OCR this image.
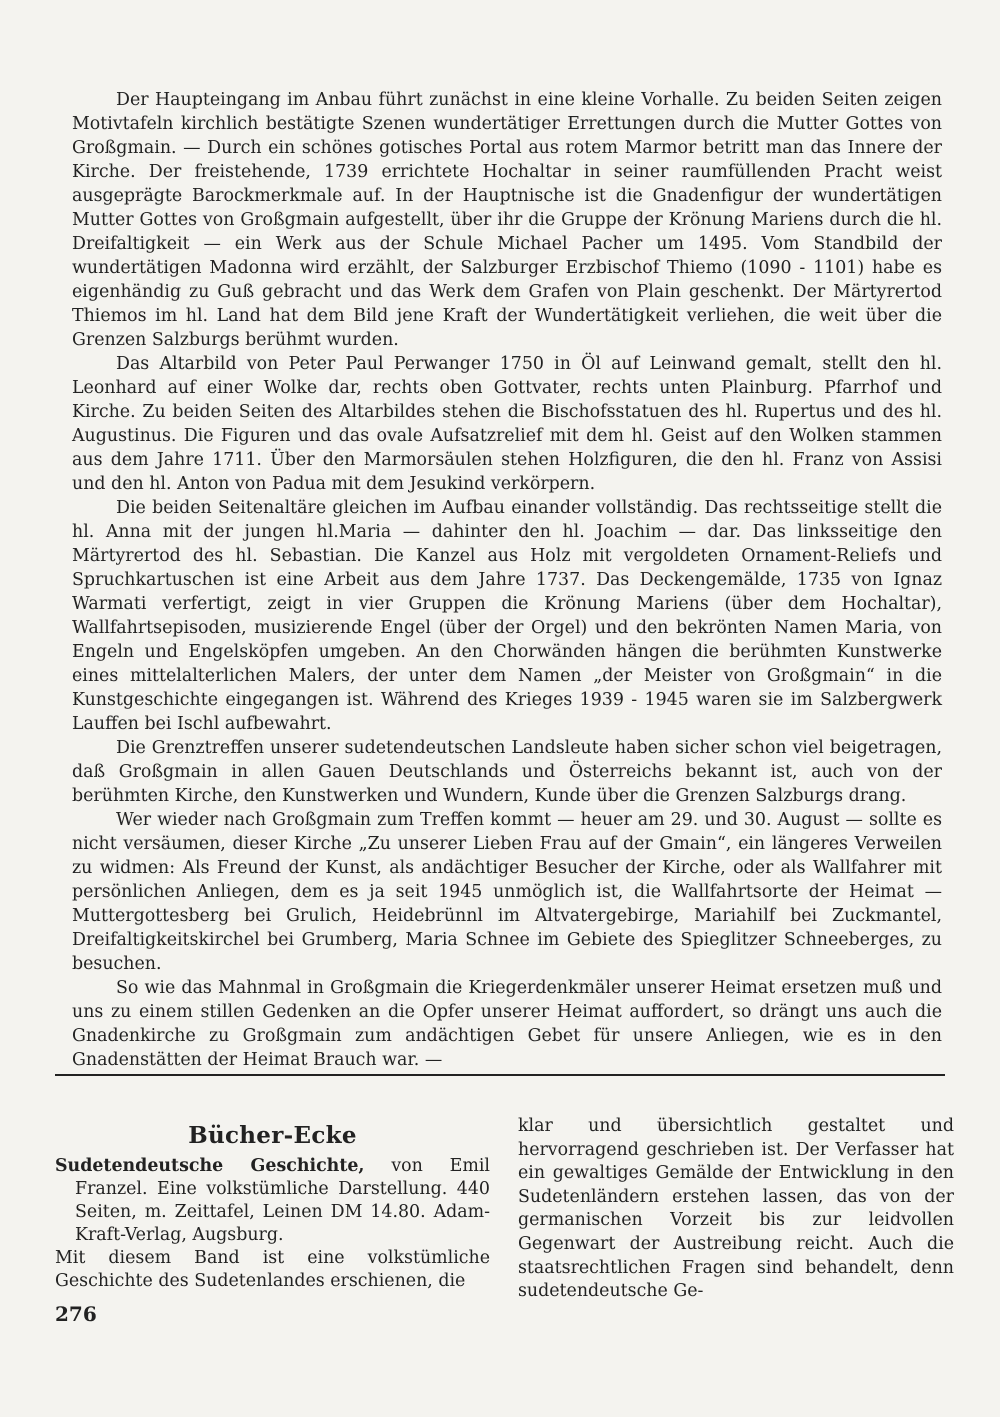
Der Haupteingang im Anbau führt zunächst in eine kleine Vorhalle. Zu beiden Seiten zeigen Motivtafeln kirchlich bestätigte Szenen wundertätiger Errettungen durch die Mutter Gottes von Großgmain. — Durch ein schönes gotisches Portal aus rotem Marmor betritt man das Innere der Kirche. Der freistehende, 1739 errichtete Hochaltar in seiner raumfüllenden Pracht weist ausgeprägte Barockmerkmale auf. In der Hauptnische ist die Gnadenfigur der wundertätigen Mutter Gottes von Großgmain aufgestellt, über ihr die Gruppe der Krönung Mariens durch die hl. Dreifaltigkeit — ein Werk aus der Schule Michael Pacher um 1495. Vom Standbild der wundertätigen Madonna wird erzählt, der Salzburger Erzbischof Thiemo (1090 - 1101) habe es eigenhändig zu Guß gebracht und das Werk dem Grafen von Plain geschenkt. Der Märtyrertod Thiemos im hl. Land hat dem Bild jene Kraft der Wundertätigkeit verliehen, die weit über die Grenzen Salzburgs berühmt wurden.

Das Altarbild von Peter Paul Perwanger 1750 in Öl auf Leinwand gemalt, stellt den hl. Leonhard auf einer Wolke dar, rechts oben Gottvater, rechts unten Plainburg. Pfarrhof und Kirche. Zu beiden Seiten des Altarbildes stehen die Bischofsstatuen des hl. Rupertus und des hl. Augustinus. Die Figuren und das ovale Aufsatzrelief mit dem hl. Geist auf den Wolken stammen aus dem Jahre 1711. Über den Marmorsäulen stehen Holzfiguren, die den hl. Franz von Assisi und den hl. Anton von Padua mit dem Jesukind verkörpern.

Die beiden Seitenaltäre gleichen im Aufbau einander vollständig. Das rechtsseitige stellt die hl. Anna mit der jungen hl.Maria — dahinter den hl. Joachim — dar. Das linksseitige den Märtyrertod des hl. Sebastian. Die Kanzel aus Holz mit vergoldeten Ornament-Reliefs und Spruchkartuschen ist eine Arbeit aus dem Jahre 1737. Das Deckengemälde, 1735 von Ignaz Warmati verfertigt, zeigt in vier Gruppen die Krönung Mariens (über dem Hochaltar), Wallfahrtsepisoden, musizierende Engel (über der Orgel) und den bekrönten Namen Maria, von Engeln und Engelsköpfen umgeben. An den Chorwänden hängen die berühmten Kunstwerke eines mittelalterlichen Malers, der unter dem Namen „der Meister von Großgmain“ in die Kunstgeschichte eingegangen ist. Während des Krieges 1939 - 1945 waren sie im Salzbergwerk Lauffen bei Ischl aufbewahrt.

Die Grenztreffen unserer sudetendeutschen Landsleute haben sicher schon viel beigetragen, daß Großgmain in allen Gauen Deutschlands und Österreichs bekannt ist, auch von der berühmten Kirche, den Kunstwerken und Wundern, Kunde über die Grenzen Salzburgs drang.

Wer wieder nach Großgmain zum Treffen kommt — heuer am 29. und 30. August — sollte es nicht versäumen, dieser Kirche „Zu unserer Lieben Frau auf der Gmain“, ein längeres Verweilen zu widmen: Als Freund der Kunst, als andächtiger Besucher der Kirche, oder als Wallfahrer mit persönlichen Anliegen, dem es ja seit 1945 unmöglich ist, die Wallfahrtsorte der Heimat — Muttergottesberg bei Grulich, Heidebrünnl im Altvatergebirge, Mariahilf bei Zuckmantel, Dreifaltigkeitskirchel bei Grumberg, Maria Schnee im Gebiete des Spieglitzer Schneeberges, zu besuchen.

So wie das Mahnmal in Großgmain die Kriegerdenkmäler unserer Heimat ersetzen muß und uns zu einem stillen Gedenken an die Opfer unserer Heimat auffordert, so drängt uns auch die Gnadenkirche zu Großgmain zum andächtigen Gebet für unsere Anliegen, wie es in den Gnadenstätten der Heimat Brauch war. —

Bücher-Ecke

Sudetendeutsche Geschichte, von Emil Franzel. Eine volkstümliche Darstellung. 440 Seiten, m. Zeittafel, Leinen DM 14.80. Adam-Kraft-Verlag, Augsburg.

Mit diesem Band ist eine volkstümliche Geschichte des Sudetenlandes erschienen, die

klar und übersichtlich gestaltet und hervorragend geschrieben ist. Der Verfasser hat ein gewaltiges Gemälde der Entwicklung in den Sudetenländern erstehen lassen, das von der germanischen Vorzeit bis zur leidvollen Gegenwart der Austreibung reicht. Auch die staatsrechtlichen Fragen sind behandelt, denn sudetendeutsche Ge-

276
